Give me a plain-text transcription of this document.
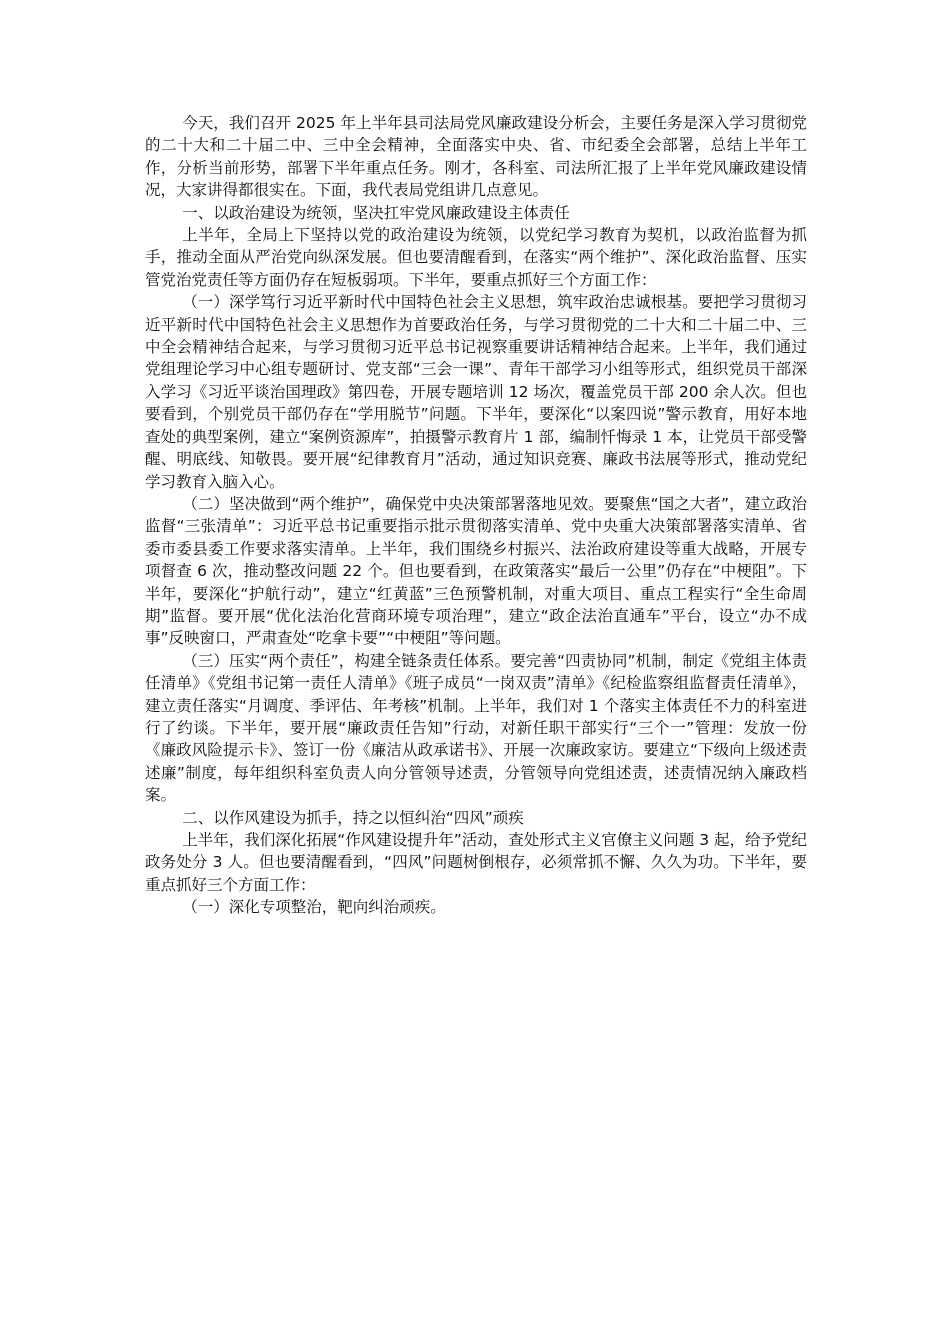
今天，我们召开 2025 年上半年县司法局党风廉政建设分析会，主要任务是深入学习贯彻党的二十大和二十届二中、三中全会精神，全面落实中央、省、市纪委全会部署，总结上半年工作，分析当前形势，部署下半年重点任务。刚才，各科室、司法所汇报了上半年党风廉政建设情况，大家讲得都很实在。下面，我代表局党组讲几点意见。

一、以政治建设为统领，坚决扛牢党风廉政建设主体责任

上半年，全局上下坚持以党的政治建设为统领，以党纪学习教育为契机，以政治监督为抓手，推动全面从严治党向纵深发展。但也要清醒看到，在落实“两个维护”、深化政治监督、压实管党治党责任等方面仍存在短板弱项。下半年，要重点抓好三个方面工作：

（一）深学笃行习近平新时代中国特色社会主义思想，筑牢政治忠诚根基。要把学习贯彻习近平新时代中国特色社会主义思想作为首要政治任务，与学习贯彻党的二十大和二十届二中、三中全会精神结合起来，与学习贯彻习近平总书记视察重要讲话精神结合起来。上半年，我们通过党组理论学习中心组专题研讨、党支部“三会一课”、青年干部学习小组等形式，组织党员干部深入学习《习近平谈治国理政》第四卷，开展专题培训 12 场次，覆盖党员干部 200 余人次。但也要看到，个别党员干部仍存在“学用脱节”问题。下半年，要深化“以案四说”警示教育，用好本地查处的典型案例，建立“案例资源库”，拍摄警示教育片 1 部，编制忏悔录 1 本，让党员干部受警醒、明底线、知敬畏。要开展“纪律教育月”活动，通过知识竞赛、廉政书法展等形式，推动党纪学习教育入脑入心。

（二）坚决做到“两个维护”，确保党中央决策部署落地见效。要聚焦“国之大者”，建立政治监督“三张清单”：习近平总书记重要指示批示贯彻落实清单、党中央重大决策部署落实清单、省委市委县委工作要求落实清单。上半年，我们围绕乡村振兴、法治政府建设等重大战略，开展专项督查 6 次，推动整改问题 22 个。但也要看到，在政策落实“最后一公里”仍存在“中梗阻”。下半年，要深化“护航行动”，建立“红黄蓝”三色预警机制，对重大项目、重点工程实行“全生命周期”监督。要开展“优化法治化营商环境专项治理”，建立“政企法治直通车”平台，设立“办不成事”反映窗口，严肃查处“吃拿卡要”“中梗阻”等问题。

（三）压实“两个责任”，构建全链条责任体系。要完善“四责协同”机制，制定《党组主体责任清单》《党组书记第一责任人清单》《班子成员“一岗双责”清单》《纪检监察组监督责任清单》，建立责任落实“月调度、季评估、年考核”机制。上半年，我们对 1 个落实主体责任不力的科室进行了约谈。下半年，要开展“廉政责任告知”行动，对新任职干部实行“三个一”管理：发放一份《廉政风险提示卡》、签订一份《廉洁从政承诺书》、开展一次廉政家访。要建立“下级向上级述责述廉”制度，每年组织科室负责人向分管领导述责，分管领导向党组述责，述责情况纳入廉政档案。

二、以作风建设为抓手，持之以恒纠治“四风”顽疾

上半年，我们深化拓展“作风建设提升年”活动，查处形式主义官僚主义问题 3 起，给予党纪政务处分 3 人。但也要清醒看到，“四风”问题树倒根存，必须常抓不懈、久久为功。下半年，要重点抓好三个方面工作：

（一）深化专项整治，靶向纠治顽疾。
